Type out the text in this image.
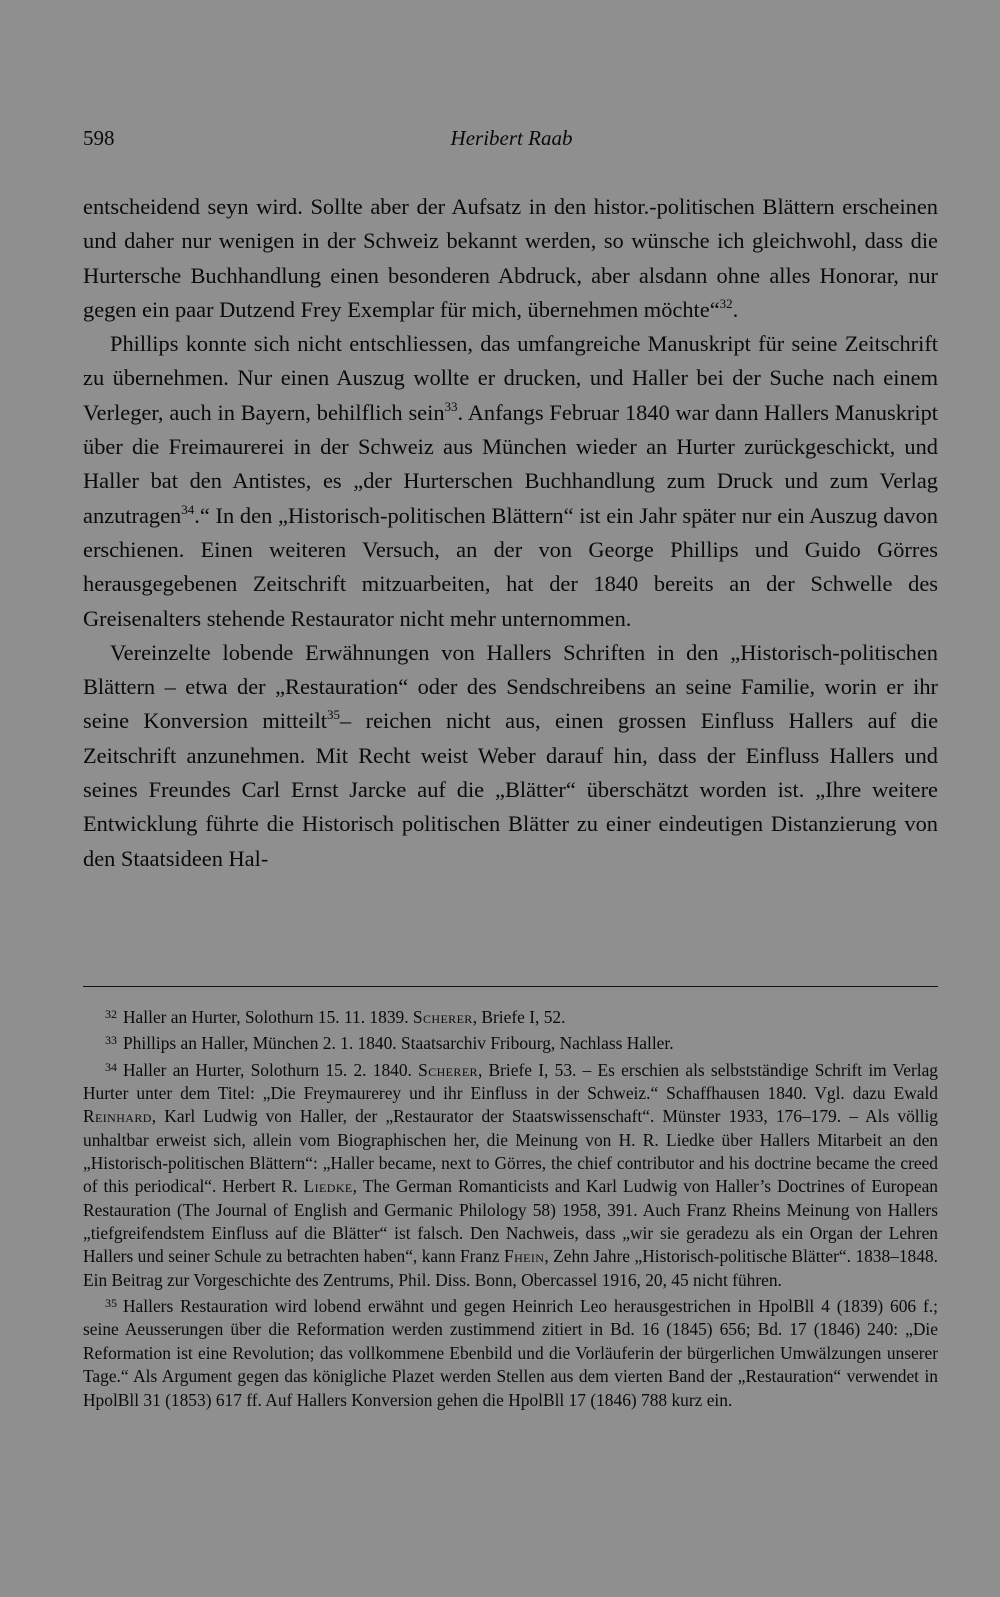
598	Heribert Raab

entscheidend seyn wird. Sollte aber der Aufsatz in den histor.-politischen Blättern erscheinen und daher nur wenigen in der Schweiz bekannt werden, so wünsche ich gleichwohl, dass die Hurtersche Buchhandlung einen besonderen Abdruck, aber alsdann ohne alles Honorar, nur gegen ein paar Dutzend Frey Exemplar für mich, übernehmen möchte“$^{32}$.

Phillips konnte sich nicht entschliessen, das umfangreiche Manuskript für seine Zeitschrift zu übernehmen. Nur einen Auszug wollte er drucken, und Haller bei der Suche nach einem Verleger, auch in Bayern, behilflich sein$^{33}$. Anfangs Februar 1840 war dann Hallers Manuskript über die Freimaurerei in der Schweiz aus München wieder an Hurter zurückgeschickt, und Haller bat den Antistes, es „der Hurterschen Buchhandlung zum Druck und zum Verlag anzutragen$^{34}$.“ In den „Historisch-politischen Blättern“ ist ein Jahr später nur ein Auszug davon erschienen. Einen weiteren Versuch, an der von George Phillips und Guido Görres herausgegebenen Zeitschrift mitzuarbeiten, hat der 1840 bereits an der Schwelle des Greisenalters stehende Restaurator nicht mehr unternommen.

Vereinzelte lobende Erwähnungen von Hallers Schriften in den „Historisch-politischen Blättern – etwa der „Restauration“ oder des Sendschreibens an seine Familie, worin er ihr seine Konversion mitteilt$^{35}$– reichen nicht aus, einen grossen Einfluss Hallers auf die Zeitschrift anzunehmen. Mit Recht weist Weber darauf hin, dass der Einfluss Hallers und seines Freundes Carl Ernst Jarcke auf die „Blätter“ überschätzt worden ist. „Ihre weitere Entwicklung führte die Historisch politischen Blätter zu einer eindeutigen Distanzierung von den Staatsideen Hal-

$^{32}$ Haller an Hurter, Solothurn 15. 11. 1839. Scherer, Briefe I, 52.

$^{33}$ Phillips an Haller, München 2. 1. 1840. Staatsarchiv Fribourg, Nachlass Haller.

$^{34}$ Haller an Hurter, Solothurn 15. 2. 1840. Scherer, Briefe I, 53. – Es erschien als selbstständige Schrift im Verlag Hurter unter dem Titel: „Die Freymaurerey und ihr Einfluss in der Schweiz.“ Schaffhausen 1840. Vgl. dazu Ewald Reinhard, Karl Ludwig von Haller, der „Restaurator der Staatswissenschaft“. Münster 1933, 176–179. – Als völlig unhaltbar erweist sich, allein vom Biographischen her, die Meinung von H. R. Liedke über Hallers Mitarbeit an den „Historisch-politischen Blättern“: „Haller became, next to Görres, the chief contributor and his doctrine became the creed of this periodical“. Herbert R. Liedke, The German Romanticists and Karl Ludwig von Haller’s Doctrines of European Restauration (The Journal of English and Germanic Philology 58) 1958, 391. Auch Franz Rheins Meinung von Hallers „tiefgreifendstem Einfluss auf die Blätter“ ist falsch. Den Nachweis, dass „wir sie geradezu als ein Organ der Lehren Hallers und seiner Schule zu betrachten haben“, kann Franz Fhein, Zehn Jahre „Historisch-politische Blätter“. 1838–1848. Ein Beitrag zur Vorgeschichte des Zentrums, Phil. Diss. Bonn, Obercassel 1916, 20, 45 nicht führen.

$^{35}$ Hallers Restauration wird lobend erwähnt und gegen Heinrich Leo herausgestrichen in HpolBll 4 (1839) 606 f.; seine Aeusserungen über die Reformation werden zustimmend zitiert in Bd. 16 (1845) 656; Bd. 17 (1846) 240: „Die Reformation ist eine Revolution; das vollkommene Ebenbild und die Vorläuferin der bürgerlichen Umwälzungen unserer Tage.“ Als Argument gegen das königliche Plazet werden Stellen aus dem vierten Band der „Restauration“ verwendet in HpolBll 31 (1853) 617 ff. Auf Hallers Konversion gehen die HpolBll 17 (1846) 788 kurz ein.
